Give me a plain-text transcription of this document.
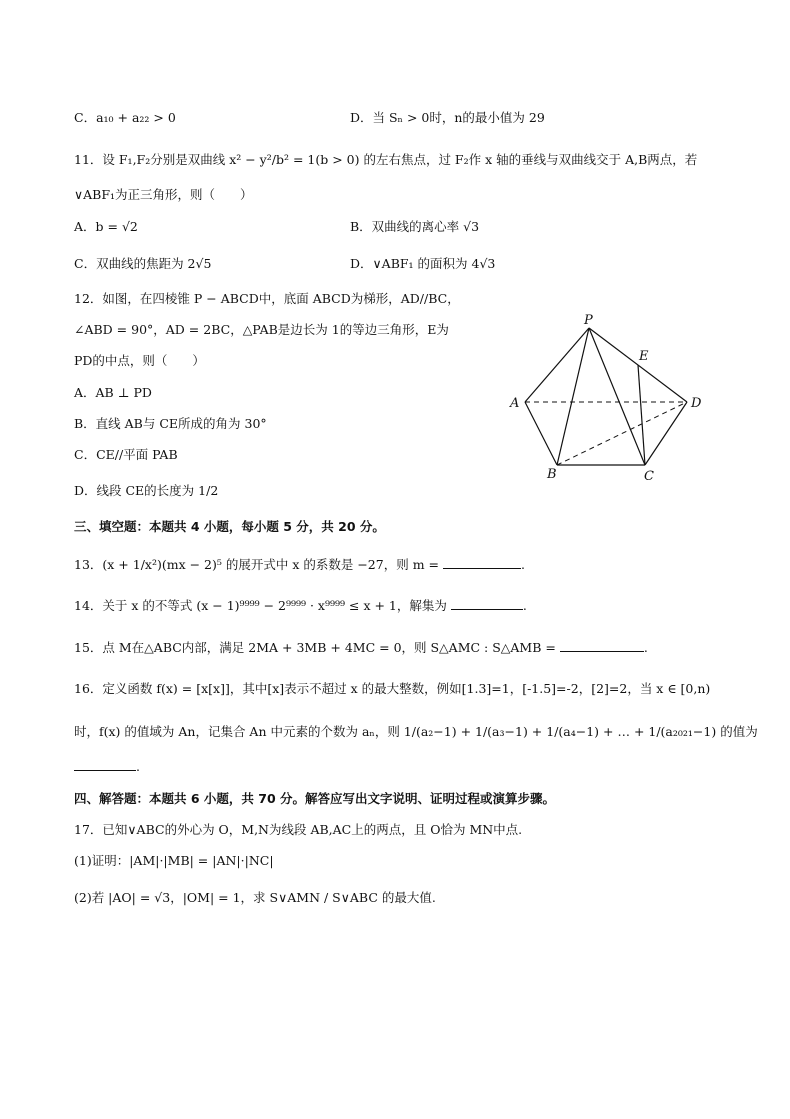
C．a₁₀ + a₂₂ > 0	D．当 Sₙ > 0时，n的最小值为 29
11．设 F₁,F₂分别是双曲线 x² − y²/b² = 1(b > 0) 的左右焦点，过 F₂作 x 轴的垂线与双曲线交于 A,B两点，若
∨ABF₁为正三角形，则（　　）
A．b = √2	B．双曲线的离心率 √3
C．双曲线的焦距为 2√5	D．∨ABF₁ 的面积为 4√3
12．如图，在四棱锥 P − ABCD中，底面 ABCD为梯形，AD//BC，
∠ABD = 90°，AD = 2BC，△PAB是边长为 1的等边三角形，E为
PD的中点，则（　　）
A．AB ⊥ PD
B．直线 AB与 CE所成的角为 30°
C．CE//平面 PAB
D．线段 CE的长度为 1/2
P
E
A	D
B	C
三、填空题：本题共 4 小题，每小题 5 分，共 20 分。
13．(x + 1/x²)(mx − 2)⁵ 的展开式中 x 的系数是 −27，则 m =	.
14．关于 x 的不等式 (x − 1)⁹⁹⁹⁹ − 2⁹⁹⁹⁹ · x⁹⁹⁹⁹ ≤ x + 1，解集为	.
15．点 M在△ABC内部，满足 2MA + 3MB + 4MC = 0，则 S△AMC : S△AMB =	.
16．定义函数 f(x) = [x[x]]，其中[x]表示不超过 x 的最大整数，例如[1.3]=1，[-1.5]=-2，[2]=2，当 x ∈ [0,n)
时，f(x) 的值域为 An，记集合 An 中元素的个数为 aₙ，则 1/(a₂−1) + 1/(a₃−1) + 1/(a₄−1) + … + 1/(a₂₀₂₁−1) 的值为
.
四、解答题：本题共 6 小题，共 70 分。解答应写出文字说明、证明过程或演算步骤。
17．已知∨ABC的外心为 O，M,N为线段 AB,AC上的两点，且 O恰为 MN中点.
(1)证明：|AM|·|MB| = |AN|·|NC|
(2)若 |AO| = √3，|OM| = 1，求 S∨AMN / S∨ABC 的最大值.
